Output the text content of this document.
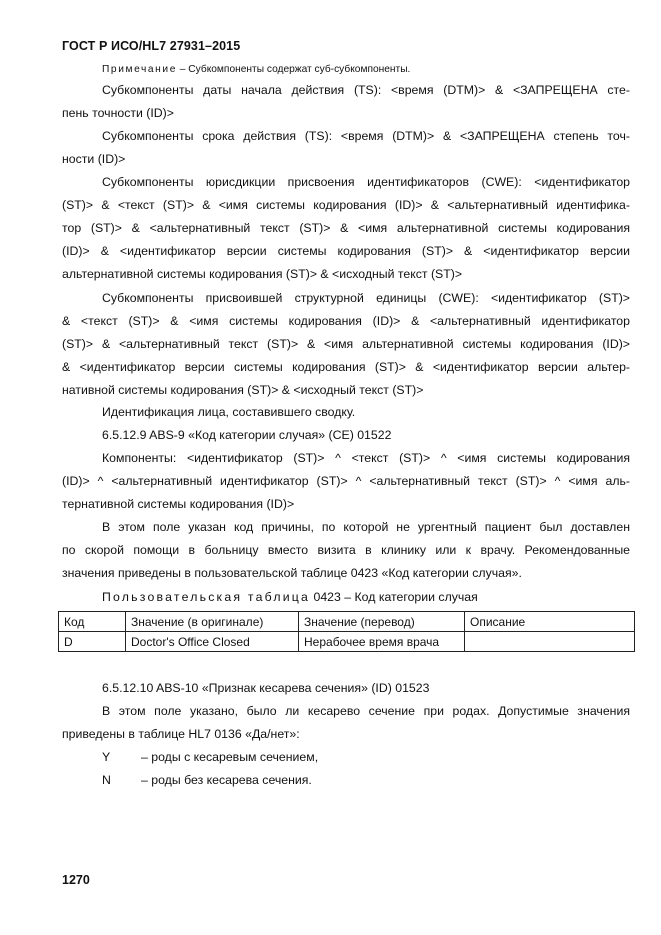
ГОСТ Р ИСО/HL7 27931–2015
Примечание – Субкомпоненты содержат суб-субкомпоненты.
Субкомпоненты даты начала действия (TS): <время (DTM)> & <ЗАПРЕЩЕНА сте-
пень точности (ID)>
Субкомпоненты срока действия (TS): <время (DTM)> & <ЗАПРЕЩЕНА степень точ-
ности (ID)>
Субкомпоненты юрисдикции присвоения идентификаторов (CWE): <идентификатор
(ST)> & <текст (ST)> & <имя системы кодирования (ID)> & <альтернативный идентифика-
тор (ST)> & <альтернативный текст (ST)> & <имя альтернативной системы кодирования
(ID)> & <идентификатор версии системы кодирования (ST)> & <идентификатор версии
альтернативной системы кодирования (ST)> & <исходный текст (ST)>
Субкомпоненты присвоившей структурной единицы (CWE): <идентификатор (ST)>
& <текст (ST)> & <имя системы кодирования (ID)> & <альтернативный идентификатор
(ST)> & <альтернативный текст (ST)> & <имя альтернативной системы кодирования (ID)>
& <идентификатор версии системы кодирования (ST)> & <идентификатор версии альтер-
нативной системы кодирования (ST)> & <исходный текст (ST)>
Идентификация лица, составившего сводку.
6.5.12.9 ABS-9 «Код категории случая» (CE) 01522
Компоненты: <идентификатор (ST)> ^ <текст (ST)> ^ <имя системы кодирования
(ID)> ^ <альтернативный идентификатор (ST)> ^ <альтернативный текст (ST)> ^ <имя аль-
тернативной системы кодирования (ID)>
В этом поле указан код причины, по которой не ургентный пациент был доставлен
по скорой помощи в больницу вместо визита в клинику или к врачу. Рекомендованные
значения приведены в пользовательской таблице 0423 «Код категории случая».
Пользовательская таблица 0423 – Код категории случая
Код	Значение (в оригинале)	Значение (перевод)	Описание
D	Doctor's Office Closed	Нерабочее время врача	
6.5.12.10 ABS-10 «Признак кесарева сечения» (ID) 01523
В этом поле указано, было ли кесарево сечение при родах. Допустимые значения
приведены в таблице HL7 0136 «Да/нет»:
Y	– роды с кесаревым сечением,
N – роды без кесарева сечения.
1270
